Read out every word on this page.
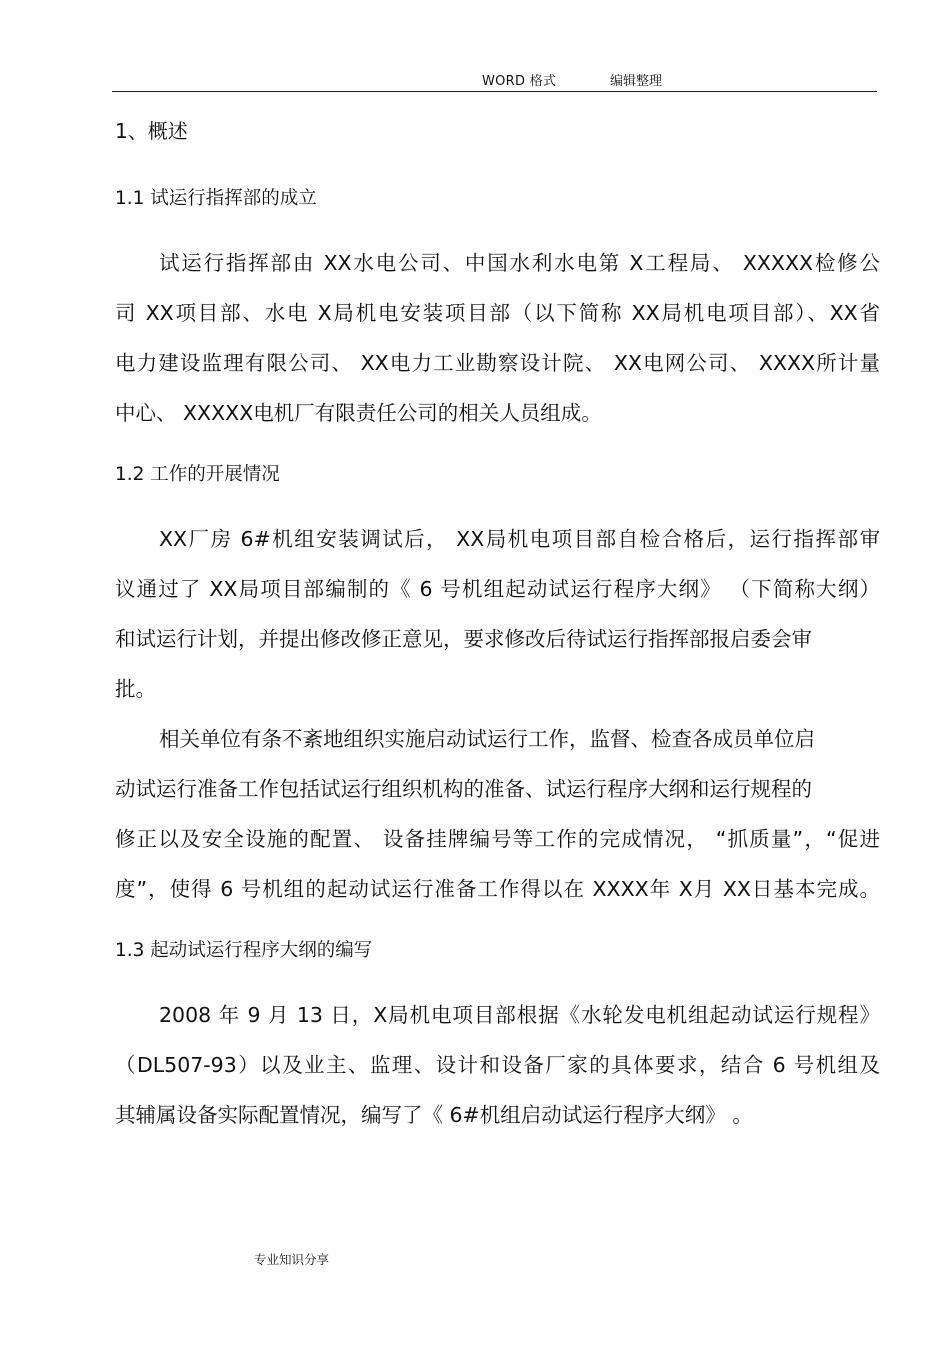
WORD 格式	编辑整理
1、概述
1.1 试运行指挥部的成立

试运行指挥部由 XX水电公司、中国水利水电第 X工程局、 XXXXX检修公

司 XX项目部、水电 X局机电安装项目部（以下简称 XX局机电项目部）、XX省

电力建设监理有限公司、 XX电力工业勘察设计院、 XX电网公司、 XXXX所计量

中心、 XXXXX电机厂有限责任公司的相关人员组成。

1.2 工作的开展情况

XX厂房 6#机组安装调试后， XX局机电项目部自检合格后，运行指挥部审

议通过了 XX局项目部编制的《 6 号机组起动试运行程序大纲》 （下简称大纲）

和试运行计划，并提出修改修正意见，要求修改后待试运行指挥部报启委会审

批。

相关单位有条不紊地组织实施启动试运行工作，监督、检查各成员单位启

动试运行准备工作包括试运行组织机构的准备、试运行程序大纲和运行规程的

修正以及安全设施的配置、 设备挂牌编号等工作的完成情况， “抓质量”，“促进

度”，使得 6 号机组的起动试运行准备工作得以在 XXXX年 X月 XX日基本完成。

1.3 起动试运行程序大纲的编写

2008 年 9 月 13 日，X局机电项目部根据《水轮发电机组起动试运行规程》

（DL507-93）以及业主、监理、设计和设备厂家的具体要求，结合 6 号机组及

其辅属设备实际配置情况，编写了《 6#机组启动试运行程序大纲》 。

专业知识分享
